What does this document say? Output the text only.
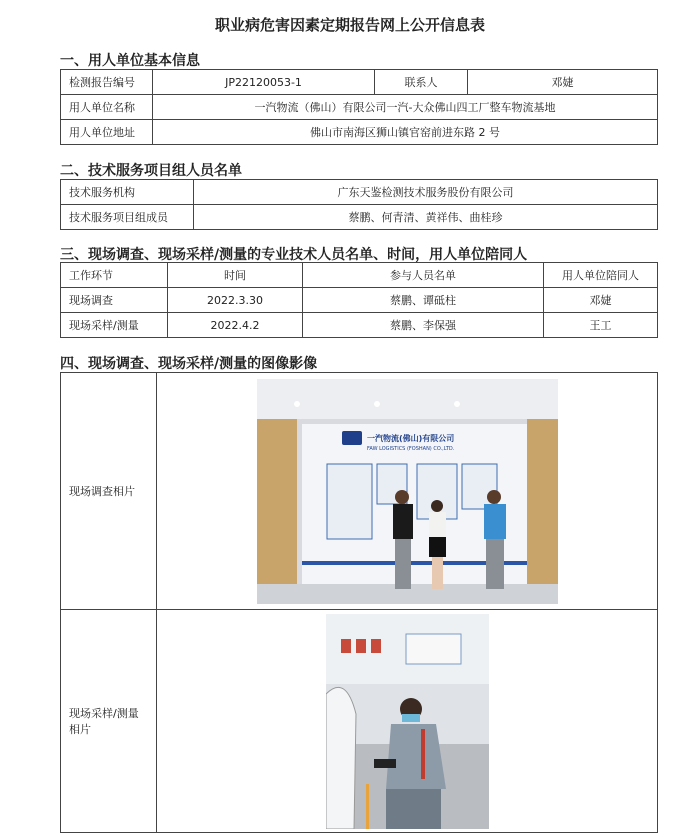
职业病危害因素定期报告网上公开信息表
一、用人单位基本信息
检测报告编号	JP22120053-1	联系人	邓婕
用人单位名称	一汽物流（佛山）有限公司一汽-大众佛山四工厂整车物流基地		
用人单位地址	佛山市南海区狮山镇官窑前进东路 2 号		
二、技术服务项目组人员名单
技术服务机构	广东天鉴检测技术服务股份有限公司
技术服务项目组成员	蔡鹏、何青清、黄祥伟、曲桂珍
三、现场调查、现场采样/测量的专业技术人员名单、时间，用人单位陪同人
工作环节	时间	参与人员名单	用人单位陪同人
现场调查	2022.3.30	蔡鹏、谭砥柱	邓婕
现场采样/测量	2022.4.2	蔡鹏、李保强	王工
四、现场调查、现场采样/测量的图像影像
现场调查相片	一汽物流(佛山)有限公司
FAW LOGISTICS (FOSHAN) CO.,LTD.

现场采样/测量
相片	
